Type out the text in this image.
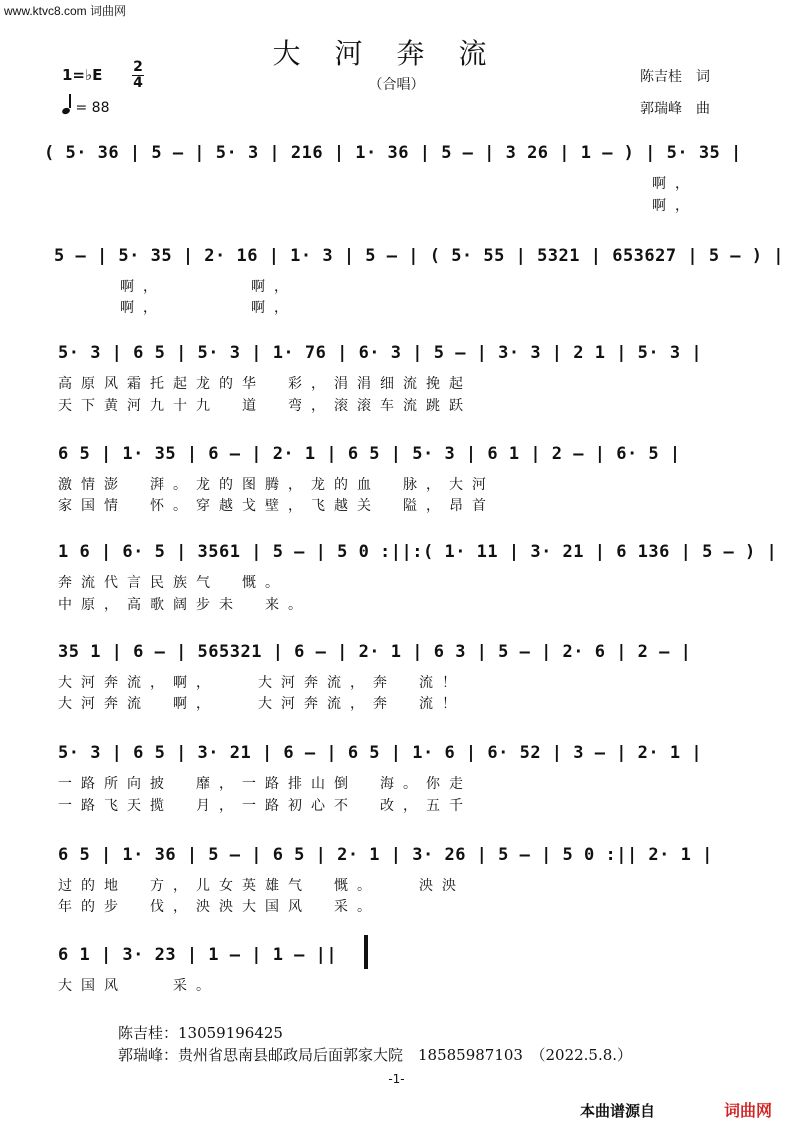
www.ktvc8.com 词曲网
大河奔流
（合唱）
1=♭E 2
4
= 88
陈吉桂　词
郭瑞峰　曲
( 5· 36 | 5 – | 5· 3 | 216 | 1· 36 | 5 – | 3 26 | 1 – ) | 5· 35 |
啊，
啊，
5 – | 5· 35 | 2· 16 | 1· 3 | 5 – | ( 5· 55 | 5321 | 653627 | 5 – ) |
啊，　　　　啊，
啊，　　　　啊，
5· 3 | 6 5 | 5· 3 | 1· 76 | 6· 3 | 5 – | 3· 3 | 2 1 | 5· 3 |
高原风霜托起龙的华　彩，涓涓细流挽起
天下黄河九十九　道　弯，滚滚车流跳跃
6 5 | 1· 35 | 6 – | 2· 1 | 6 5 | 5· 3 | 6 1 | 2 – | 6· 5 |
激情澎　湃。龙的图腾，龙的血　脉，大河
家国情　怀。穿越戈壁，飞越关　隘，昂首
1 6 | 6· 5 | 3561 | 5 – | 5 0 :||:( 1· 11 | 3· 21 | 6 136 | 5 – ) |
奔流代言民族气　慨。
中原，高歌阔步未　来。
35 1 | 6 – | 565321 | 6 – | 2· 1 | 6 3 | 5 – | 2· 6 | 2 – |
大河奔流，啊，　　大河奔流，奔　流！
大河奔流　啊，　　大河奔流，奔　流！
5· 3 | 6 5 | 3· 21 | 6 – | 6 5 | 1· 6 | 6· 52 | 3 – | 2· 1 |
一路所向披　靡，一路排山倒　海。你走
一路飞天揽　月，一路初心不　改，五千
6 5 | 1· 36 | 5 – | 6 5 | 2· 1 | 3· 26 | 5 – | 5 0 :|| 2· 1 |
过的地　方，儿女英雄气　慨。　　泱泱
年的步　伐，泱泱大国风　采。
6 1 | 3· 23 | 1 – | 1 – ||
大国风　　采。
陈吉桂：13059196425
郭瑞峰：贵州省思南县邮政局后面郭家大院　18585987103　（2022.5.8.）
-1-
本曲谱源自	词曲网
